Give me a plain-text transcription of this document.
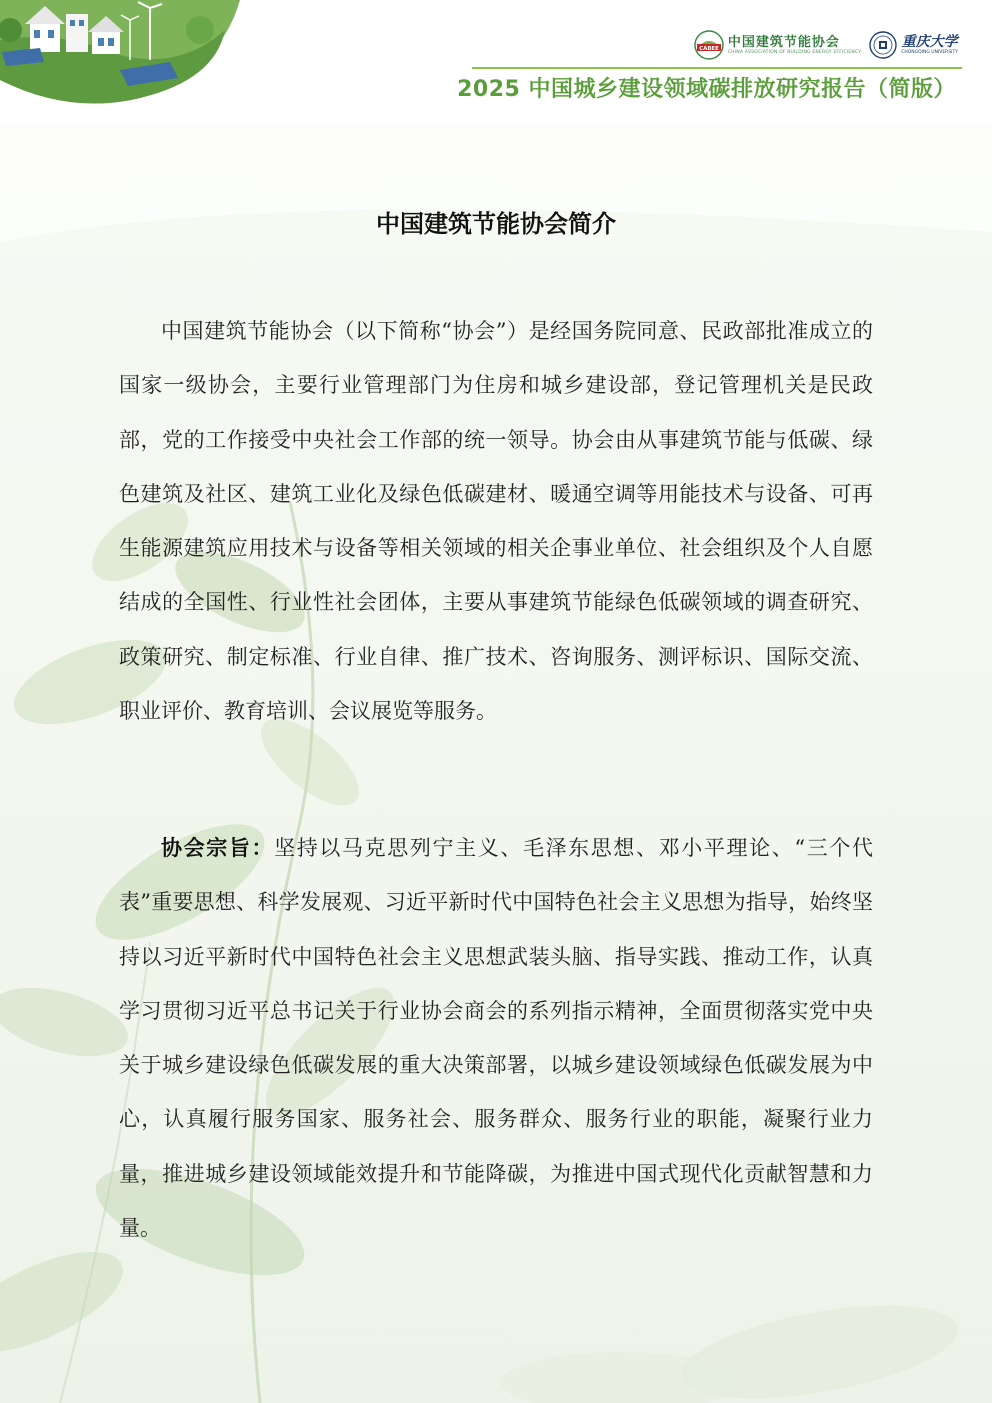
CABEE 中国建筑节能协会
CHINA ASSOCIATION OF BUILDING ENERGY EFFICIENCY
重庆大学
CHONGQING UNIVERSITY
2025 中国城乡建设领域碳排放研究报告（简版）
中国建筑节能协会简介

中国建筑节能协会（以下简称“协会”）是经国务院同意、民政部批准成立的国家一级协会，主要行业管理部门为住房和城乡建设部，登记管理机关是民政部，党的工作接受中央社会工作部的统一领导。协会由从事建筑节能与低碳、绿色建筑及社区、建筑工业化及绿色低碳建材、暖通空调等用能技术与设备、可再生能源建筑应用技术与设备等相关领域的相关企事业单位、社会组织及个人自愿结成的全国性、行业性社会团体，主要从事建筑节能绿色低碳领域的调查研究、政策研究、制定标准、行业自律、推广技术、咨询服务、测评标识、国际交流、职业评价、教育培训、会议展览等服务。

协会宗旨：坚持以马克思列宁主义、毛泽东思想、邓小平理论、“三个代表”重要思想、科学发展观、习近平新时代中国特色社会主义思想为指导，始终坚持以习近平新时代中国特色社会主义思想武装头脑、指导实践、推动工作，认真学习贯彻习近平总书记关于行业协会商会的系列指示精神，全面贯彻落实党中央关于城乡建设绿色低碳发展的重大决策部署，以城乡建设领域绿色低碳发展为中心，认真履行服务国家、服务社会、服务群众、服务行业的职能，凝聚行业力量，推进城乡建设领域能效提升和节能降碳，为推进中国式现代化贡献智慧和力量。
